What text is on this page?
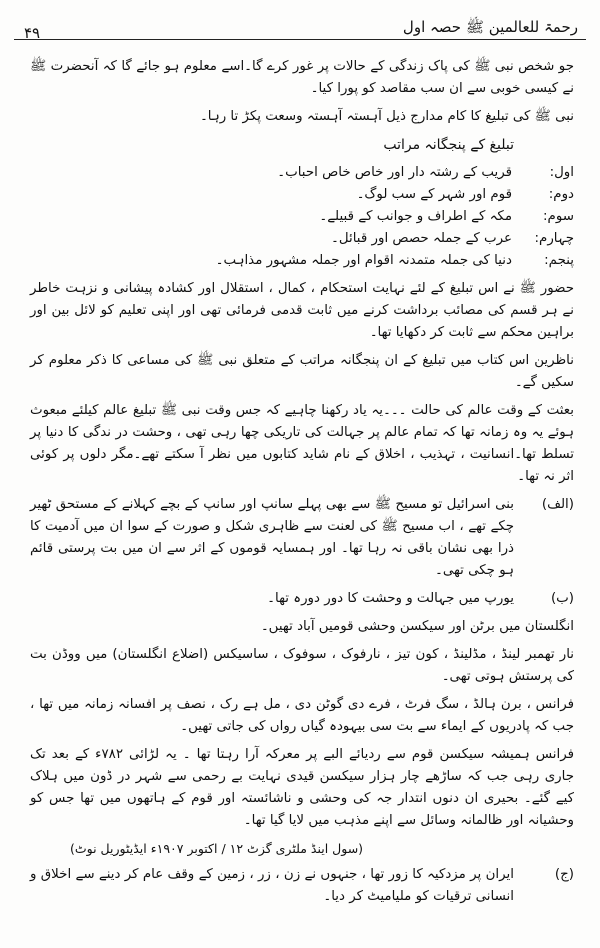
۴۹	رحمۃ للعالمین ﷺ حصہ اول

جو شخص نبی ﷺ کی پاک زندگی کے حالات پر غور کرے گا۔اسے معلوم ہو جائے گا کہ آنحضرت ﷺ نے کیسی خوبی سے ان سب مقاصد کو پورا کیا۔

نبی ﷺ کی تبلیغ کا کام مدارج ذیل آہستہ آہستہ وسعت پکڑ تا رہا۔

تبلیغ کے پنجگانہ مراتب
اول:
قریب کے رشتہ دار اور خاص خاص احباب۔
دوم:
قوم اور شہر کے سب لوگ۔
سوم:
مکہ کے اطراف و جوانب کے قبیلے۔
چہارم:
عرب کے جملہ حصص اور قبائل۔
پنجم:
دنیا کی جملہ متمدنہ اقوام اور جملہ مشہور مذاہب۔

حضور ﷺ نے اس تبلیغ کے لئے نہایت استحکام ، کمال ، استقلال اور کشادہ پیشانی و نزہت خاطر نے ہر قسم کی مصائب برداشت کرنے میں ثابت قدمی فرمائی تھی اور اپنی تعلیم کو لائل بین اور براہین محکم سے ثابت کر دکھایا تھا۔

ناظرین اس کتاب میں تبلیغ کے ان پنجگانہ مراتب کے متعلق نبی ﷺ کی مساعی کا ذکر معلوم کر سکیں گے۔

بعثت کے وقت عالم کی حالت ۔۔۔یہ یاد رکھنا چاہیے کہ جس وقت نبی ﷺ تبلیغ عالم کیلئے مبعوث ہوئے یہ وہ زمانہ تھا کہ تمام عالم پر جہالت کی تاریکی چھا رہی تھی ، وحشت در ندگی کا دنیا پر تسلط تھا۔انسانیت ، تہذیب ، اخلاق کے نام شاید کتابوں میں نظر آ سکتے تھے۔مگر دلوں پر کوئی اثر نہ تھا۔

(الف)
بنی اسرائیل تو مسیح ﷺ سے بھی پہلے سانپ اور سانپ کے بچے کہلانے کے مستحق ٹھیر چکے تھے ، اب مسیح ﷺ کی لعنت سے ظاہری شکل و صورت کے سوا ان میں آدمیت کا ذرا بھی نشان باقی نہ رہا تھا۔ اور ہمسایہ قوموں کے اثر سے ان میں بت پرستی قائم ہو چکی تھی۔
(ب)
یورپ میں جہالت و وحشت کا دور دورہ تھا۔

انگلستان میں برٹن اور سیکسن وحشی قومیں آباد تھیں۔

نار تھمبر لینڈ ، مڈلینڈ ، کون تیز ، نارفوک ، سوفوک ، ساسیکس (اضلاع انگلستان) میں ووڈن بت کی پرستش ہوتی تھی۔

فرانس ، برن ہالڈ ، سگ فرٹ ، فرے دی گوٹن دی ، مل ہے رک ، نصف پر افسانہ زمانہ میں تھا ، جب کہ پادریوں کے ایماء سے بت سی بیہودہ گیاں رواں کی جاتی تھیں۔

فرانس ہمیشہ سیکسن قوم سے ردیائے البے پر معرکہ آرا رہتا تھا ۔ یہ لڑائی ۷۸۲ء کے بعد تک جاری رہی جب کہ ساڑھے چار ہزار سیکسن قیدی نہایت بے رحمی سے شہر در ڈون میں ہلاک کیے گئے۔ بحیری ان دنوں انتدار جہ کی وحشی و ناشائستہ اور قوم کے ہاتھوں میں تھا جس کو وحشیانہ اور ظالمانہ وسائل سے اپنے مذہب میں لایا گیا تھا۔

(سول اینڈ ملٹری گزٹ ۱۲ / اکتوبر ۱۹۰۷ء ایڈیٹوریل نوٹ)
(ج)
ایران پر مزدکیہ کا زور تھا ، جنہوں نے زن ، زر ، زمین کے وقف عام کر دینے سے اخلاق و انسانی ترقیات کو ملیامیٹ کر دیا۔
